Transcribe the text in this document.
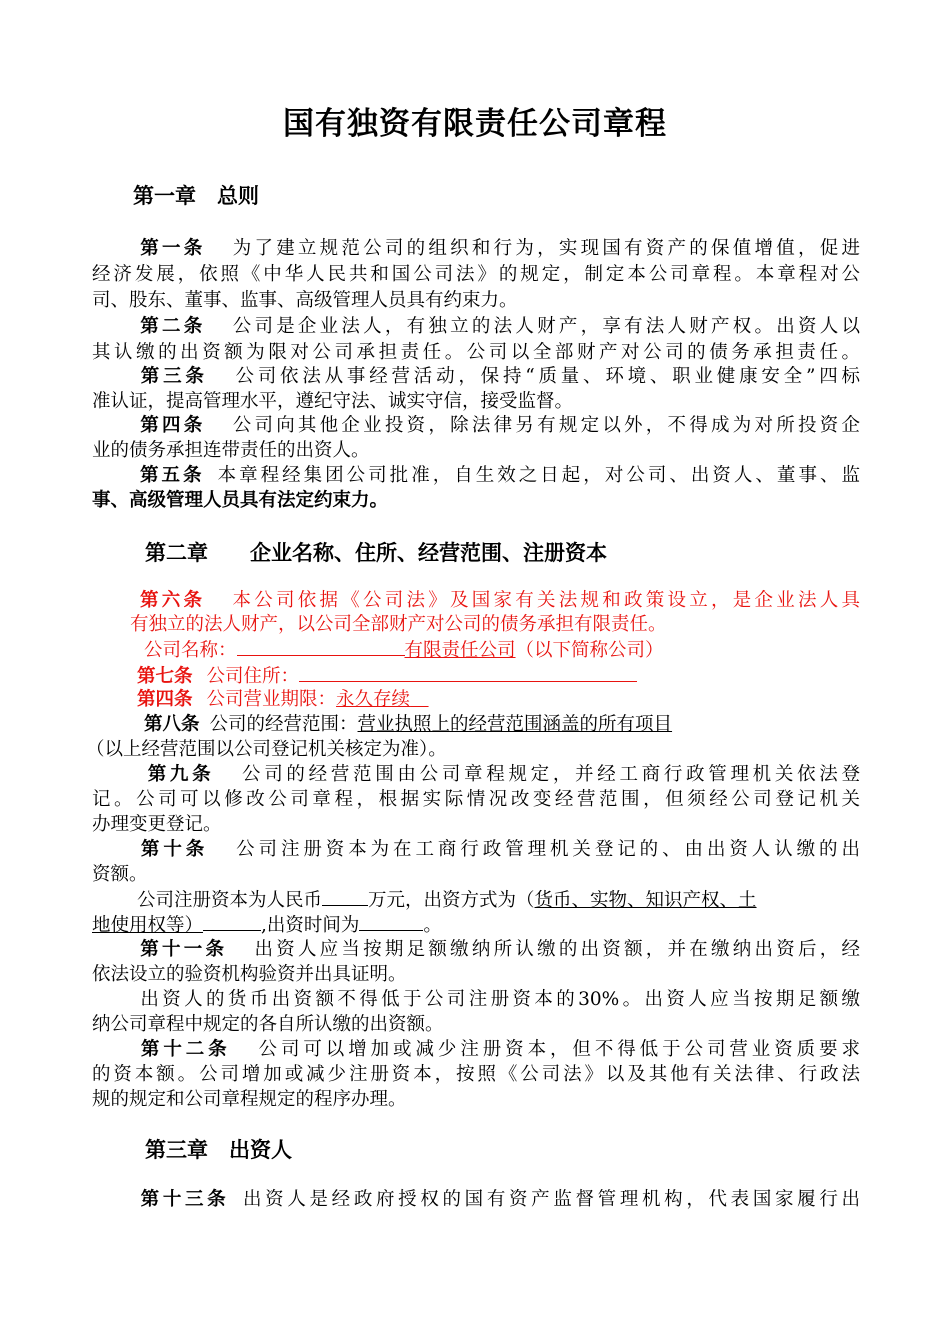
国有独资有限责任公司章程
第一章　总则
第一条 为了建立规范公司的组织和行为，实现国有资产的保值增值，促进
经济发展，依照《中华人民共和国公司法》的规定，制定本公司章程。本章程对公
司、股东、董事、监事、高级管理人员具有约束力。
第二条 公司是企业法人，有独立的法人财产，享有法人财产权。出资人以
其认缴的出资额为限对公司承担责任。公司以全部财产对公司的债务承担责任。
第三条 公司依法从事经营活动，保持“质量、环境、职业健康安全”四标
准认证，提高管理水平，遵纪守法、诚实守信，接受监督。
第四条 公司向其他企业投资，除法律另有规定以外，不得成为对所投资企
业的债务承担连带责任的出资人。
第五条 本章程经集团公司批准，自生效之日起，对公司、出资人、董事、监
事、高级管理人员具有法定约束力。
第二章　　企业名称、住所、经营范围、注册资本
第六条 本公司依据《公司法》及国家有关法规和政策设立，是企业法人具
有独立的法人财产，以公司全部财产对公司的债务承担有限责任。
公司名称：	有限责任公司（以下简称公司）
第七条 公司住所：
第四条 公司营业期限：永久存续 
第八条 公司的经营范围：营业执照上的经营范围涵盖的所有项目
（以上经营范围以公司登记机关核定为准）。
第九条 公司的经营范围由公司章程规定，并经工商行政管理机关依法登
记。公司可以修改公司章程，根据实际情况改变经营范围，但须经公司登记机关
办理变更登记。
第十条 公司注册资本为在工商行政管理机关登记的、由出资人认缴的出
资额。
公司注册资本为人民币 万元，出资方式为（货币、实物、知识产权、土
地使用权等）	,出资时间为	。
第十一条 出资人应当按期足额缴纳所认缴的出资额，并在缴纳出资后，经
依法设立的验资机构验资并出具证明。
出资人的货币出资额不得低于公司注册资本的30%。出资人应当按期足额缴
纳公司章程中规定的各自所认缴的出资额。
第十二条 公司可以增加或减少注册资本，但不得低于公司营业资质要求
的资本额。公司增加或减少注册资本，按照《公司法》以及其他有关法律、行政法
规的规定和公司章程规定的程序办理。
第三章　出资人
第十三条 出资人是经政府授权的国有资产监督管理机构，代表国家履行出
